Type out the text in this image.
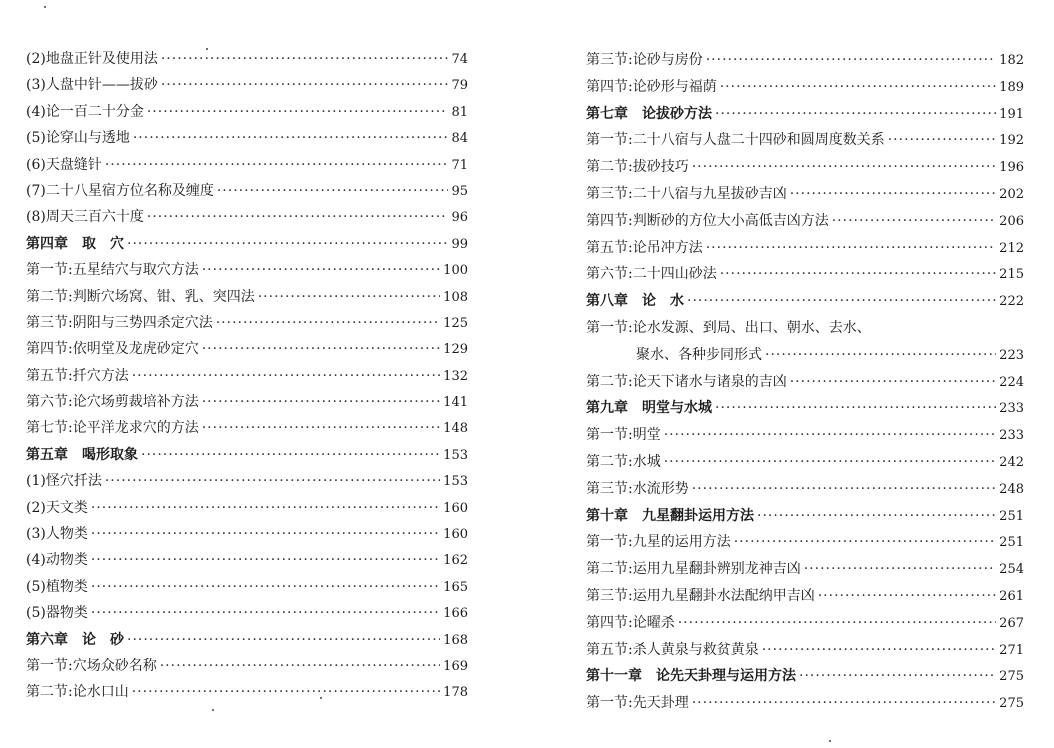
(2)地盘正针及使用法 ·····	74
(3)人盘中针——拔砂 ·····	79
(4)论一百二十分金 ·····	81
(5)论穿山与透地 ·····	84
(6)天盘缝针 ·····	71
(7)二十八星宿方位名称及缠度 ·····	95
(8)周天三百六十度 ·····	96
第四章　取　穴 ·····	99
第一节:五星结穴与取穴方法 ·····	100
第二节:判断穴场窝、钳、乳、突四法 ·····	108
第三节:阴阳与三势四杀定穴法 ·····	125
第四节:依明堂及龙虎砂定穴 ·····	129
第五节:扦穴方法 ·····	132
第六节:论穴场剪裁培补方法 ·····	141
第七节:论平洋龙求穴的方法 ·····	148
第五章　喝形取象 ·····	153
(1)怪穴扦法 ·····	153
(2)天文类 ·····	160
(3)人物类 ·····	160
(4)动物类 ·····	162
(5)植物类 ·····	165
(5)器物类 ·····	166
第六章　论　砂 ·····	168
第一节:穴场众砂名称 ·····	169
第二节:论水口山 ·····	178
第三节:论砂与房份 ·····	182
第四节:论砂形与福荫 ·····	189
第七章　论拔砂方法 ·····	191
第一节:二十八宿与人盘二十四砂和圆周度数关系 ·····	192
第二节:拔砂技巧 ·····	196
第三节:二十八宿与九星拔砂吉凶 ·····	202
第四节:判断砂的方位大小高低吉凶方法 ·····	206
第五节:论吊冲方法 ·····	212
第六节:二十四山砂法 ·····	215
第八章　论　水 ·····	222
第一节:论水发源、到局、出口、朝水、去水、
聚水、各种步同形式 ·····	223
第二节:论天下诸水与诸泉的吉凶 ·····	224
第九章　明堂与水城 ·····	233
第一节:明堂 ·····	233
第二节:水城 ·····	242
第三节:水流形势 ·····	248
第十章　九星翻卦运用方法 ·····	251
第一节:九星的运用方法 ·····	251
第二节:运用九星翻卦辨别龙神吉凶 ·····	254
第三节:运用九星翻卦水法配纳甲吉凶 ·····	261
第四节:论曜杀 ·····	267
第五节:杀人黄泉与救贫黄泉 ·····	271
第十一章　论先天卦理与运用方法 ·····	275
第一节:先天卦理 ·····	275
